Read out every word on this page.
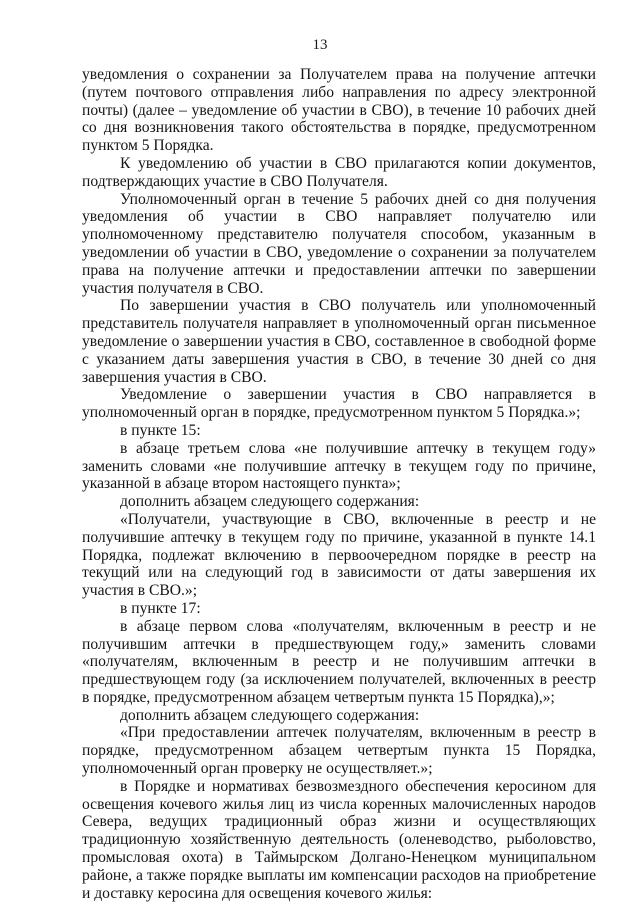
13

уведомления о сохранении за Получателем права на получение аптечки (путем почтового отправления либо направления по адресу электронной почты) (далее – уведомление об участии в СВО), в течение 10 рабочих дней со дня возникновения такого обстоятельства в порядке, предусмотренном пунктом 5 Порядка.

К уведомлению об участии в СВО прилагаются копии документов, подтверждающих участие в СВО Получателя.

Уполномоченный орган в течение 5 рабочих дней со дня получения уведомления об участии в СВО направляет получателю или уполномоченному представителю получателя способом, указанным в уведомлении об участии в СВО, уведомление о сохранении за получателем права на получение аптечки и предоставлении аптечки по завершении участия получателя в СВО.

По завершении участия в СВО получатель или уполномоченный представитель получателя направляет в уполномоченный орган письменное уведомление о завершении участия в СВО, составленное в свободной форме с указанием даты завершения участия в СВО, в течение 30 дней со дня завершения участия в СВО.

Уведомление о завершении участия в СВО направляется в уполномоченный орган в порядке, предусмотренном пунктом 5 Порядка.»;

в пункте 15:

в абзаце третьем слова «не получившие аптечку в текущем году» заменить словами «не получившие аптечку в текущем году по причине, указанной в абзаце втором настоящего пункта»;

дополнить абзацем следующего содержания:

«Получатели, участвующие в СВО, включенные в реестр и не получившие аптечку в текущем году по причине, указанной в пункте 14.1 Порядка, подлежат включению в первоочередном порядке в реестр на текущий или на следующий год в зависимости от даты завершения их участия в СВО.»;

в пункте 17:

в абзаце первом слова «получателям, включенным в реестр и не получившим аптечки в предшествующем году,» заменить словами «получателям, включенным в реестр и не получившим аптечки в предшествующем году (за исключением получателей, включенных в реестр в порядке, предусмотренном абзацем четвертым пункта 15 Порядка),»;

дополнить абзацем следующего содержания:

«При предоставлении аптечек получателям, включенным в реестр в порядке, предусмотренном абзацем четвертым пункта 15 Порядка, уполномоченный орган проверку не осуществляет.»;

в Порядке и нормативах безвозмездного обеспечения керосином для освещения кочевого жилья лиц из числа коренных малочисленных народов Севера, ведущих традиционный образ жизни и осуществляющих традиционную хозяйственную деятельность (оленеводство, рыболовство, промысловая охота) в Таймырском Долгано-Ненецком муниципальном районе, а также порядке выплаты им компенсации расходов на приобретение и доставку керосина для освещения кочевого жилья:
